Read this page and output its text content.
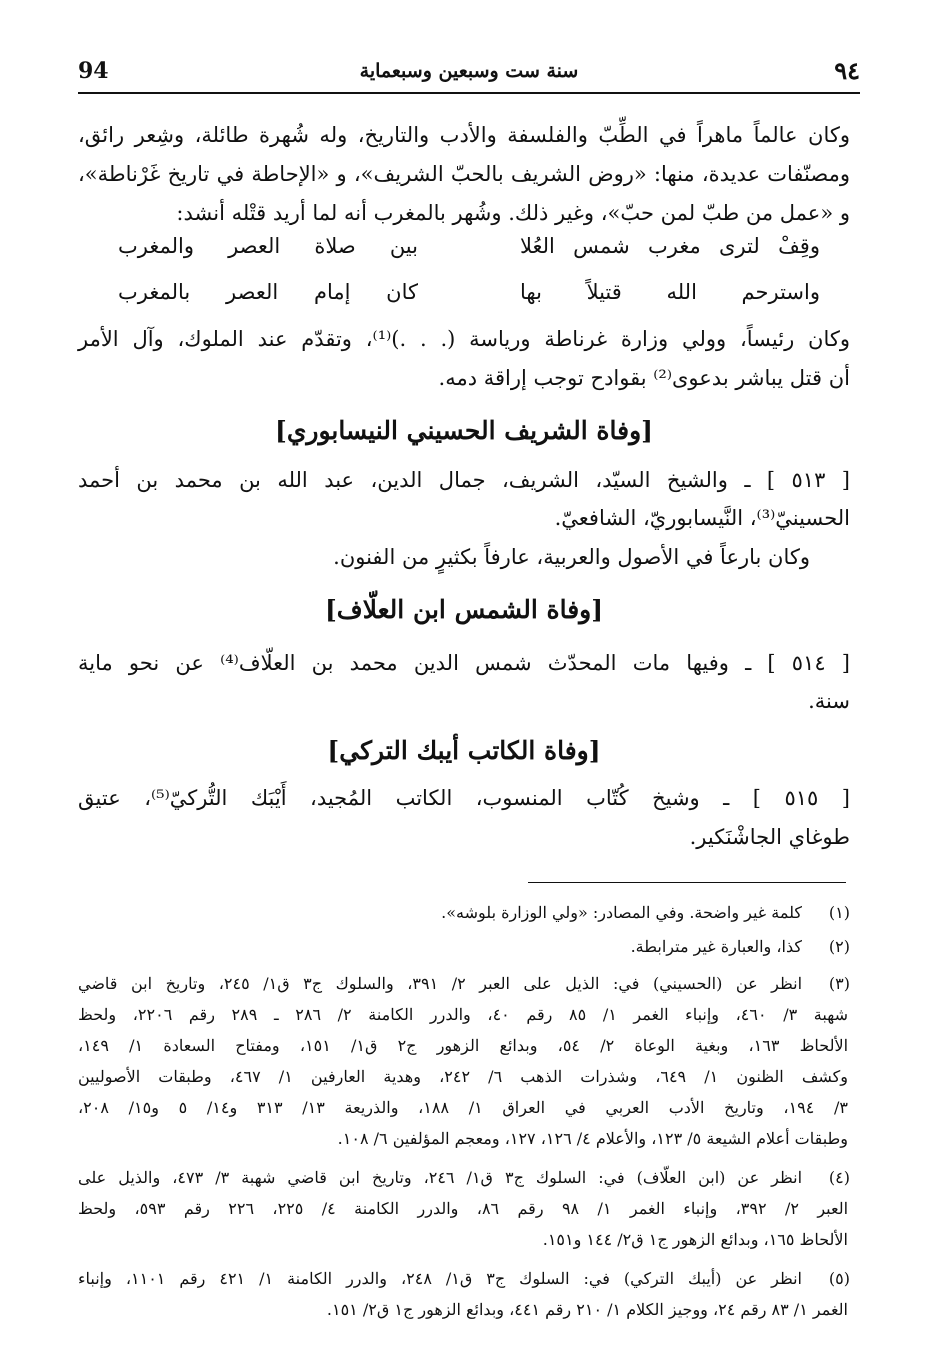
94	سنة ست وسبعين وسبعماية	٩٤
وكان عالماً ماهراً في الطِّبّ والفلسفة والأدب والتاريخ، وله شُهرة طائلة، وشِعر رائق،
ومصنّفات عديدة، منها: «روض الشريف بالحبّ الشريف»، و «الإحاطة في تاريخ غَرْناطة»،
و «عمل من طبّ لمن حبّ»، وغير ذلك. وشُهر بالمغرب أنه لما أريد قتْله أنشد:
وقِفْ لترى مغرب شمس العُلا
بين صلاة العصر والمغرب
واسترحم الله قتيلاً بها
كان إمام العصر بالمغرب
وكان رئيساً، وولي وزارة غرناطة ورياسة (. . .)⁽¹⁾، وتقدّم عند الملوك، وآل الأمر
أن قتل يباشر بدعوى⁽²⁾ بقوادح توجب إراقة دمه.
[وفاة الشريف الحسيني النيسابوري]
[ ٥١٣ ] ـ والشيخ السيّد، الشريف، جمال الدين، عبد الله بن محمد بن أحمد
الحسينيّ⁽³⁾، النَّيسابوريّ، الشافعيّ.
وكان بارعاً في الأصول والعربية، عارفاً بكثيرٍ من الفنون.
[وفاة الشمس ابن العلّاف]
[ ٥١٤ ] ـ وفيها مات المحدّث شمس الدين محمد بن العلّاف⁽⁴⁾ عن نحو ماية
سنة.
[وفاة الكاتب أيبك التركي]
[ ٥١٥ ] ـ وشيخ كُتّاب المنسوب، الكاتب المُجيد، أَيْبَك التُّركيّ⁽⁵⁾، عتيق
طوغاي الجاشْنَكير.
(١)
كلمة غير واضحة. وفي المصادر: «ولي الوزارة بلوشه».
(٢)
كذا، والعبارة غير مترابطة.
(٣)
انظر عن (الحسيني) في: الذيل على العبر ٢/ ٣٩١، والسلوك ج٣ ق١/ ٢٤٥، وتاريخ ابن قاضي
شهبة ٣/ ٤٦٠، وإنباء الغمر ١/ ٨٥ رقم ٤٠، والدرر الكامنة ٢/ ٢٨٦ ـ ٢٨٩ رقم ٢٢٠٦، ولحظ
الألحاظ ١٦٣، وبغية الوعاة ٢/ ٥٤، وبدائع الزهور ج٢ ق١/ ١٥١، ومفتاح السعادة ١/ ١٤٩،
وكشف الظنون ١/ ٦٤٩، وشذرات الذهب ٦/ ٢٤٢، وهدية العارفين ١/ ٤٦٧، وطبقات الأصوليين
٣/ ١٩٤، وتاريخ الأدب العربي في العراق ١/ ١٨٨، والذريعة ١٣/ ٣١٣ و١٤/ ٥ و١٥/ ٢٠٨،
وطبقات أعلام الشيعة ٥/ ١٢٣، والأعلام ٤/ ١٢٦، ١٢٧، ومعجم المؤلفين ٦/ ١٠٨.
(٤)
انظر عن (ابن العلّاف) في: السلوك ج٣ ق١/ ٢٤٦، وتاريخ ابن قاضي شهبة ٣/ ٤٧٣، والذيل على
العبر ٢/ ٣٩٢، وإنباء الغمر ١/ ٩٨ رقم ٨٦، والدرر الكامنة ٤/ ٢٢٥، ٢٢٦ رقم ٥٩٣، ولحظ
الألحاظ ١٦٥، وبدائع الزهور ج١ ق٢/ ١٤٤ و١٥١.
(٥)
انظر عن (أيبك التركي) في: السلوك ج٣ ق١/ ٢٤٨، والدرر الكامنة ١/ ٤٢١ رقم ١١٠١، وإنباء
الغمر ١/ ٨٣ رقم ٢٤، ووجيز الكلام ١/ ٢١٠ رقم ٤٤١، وبدائع الزهور ج١ ق٢/ ١٥١.
